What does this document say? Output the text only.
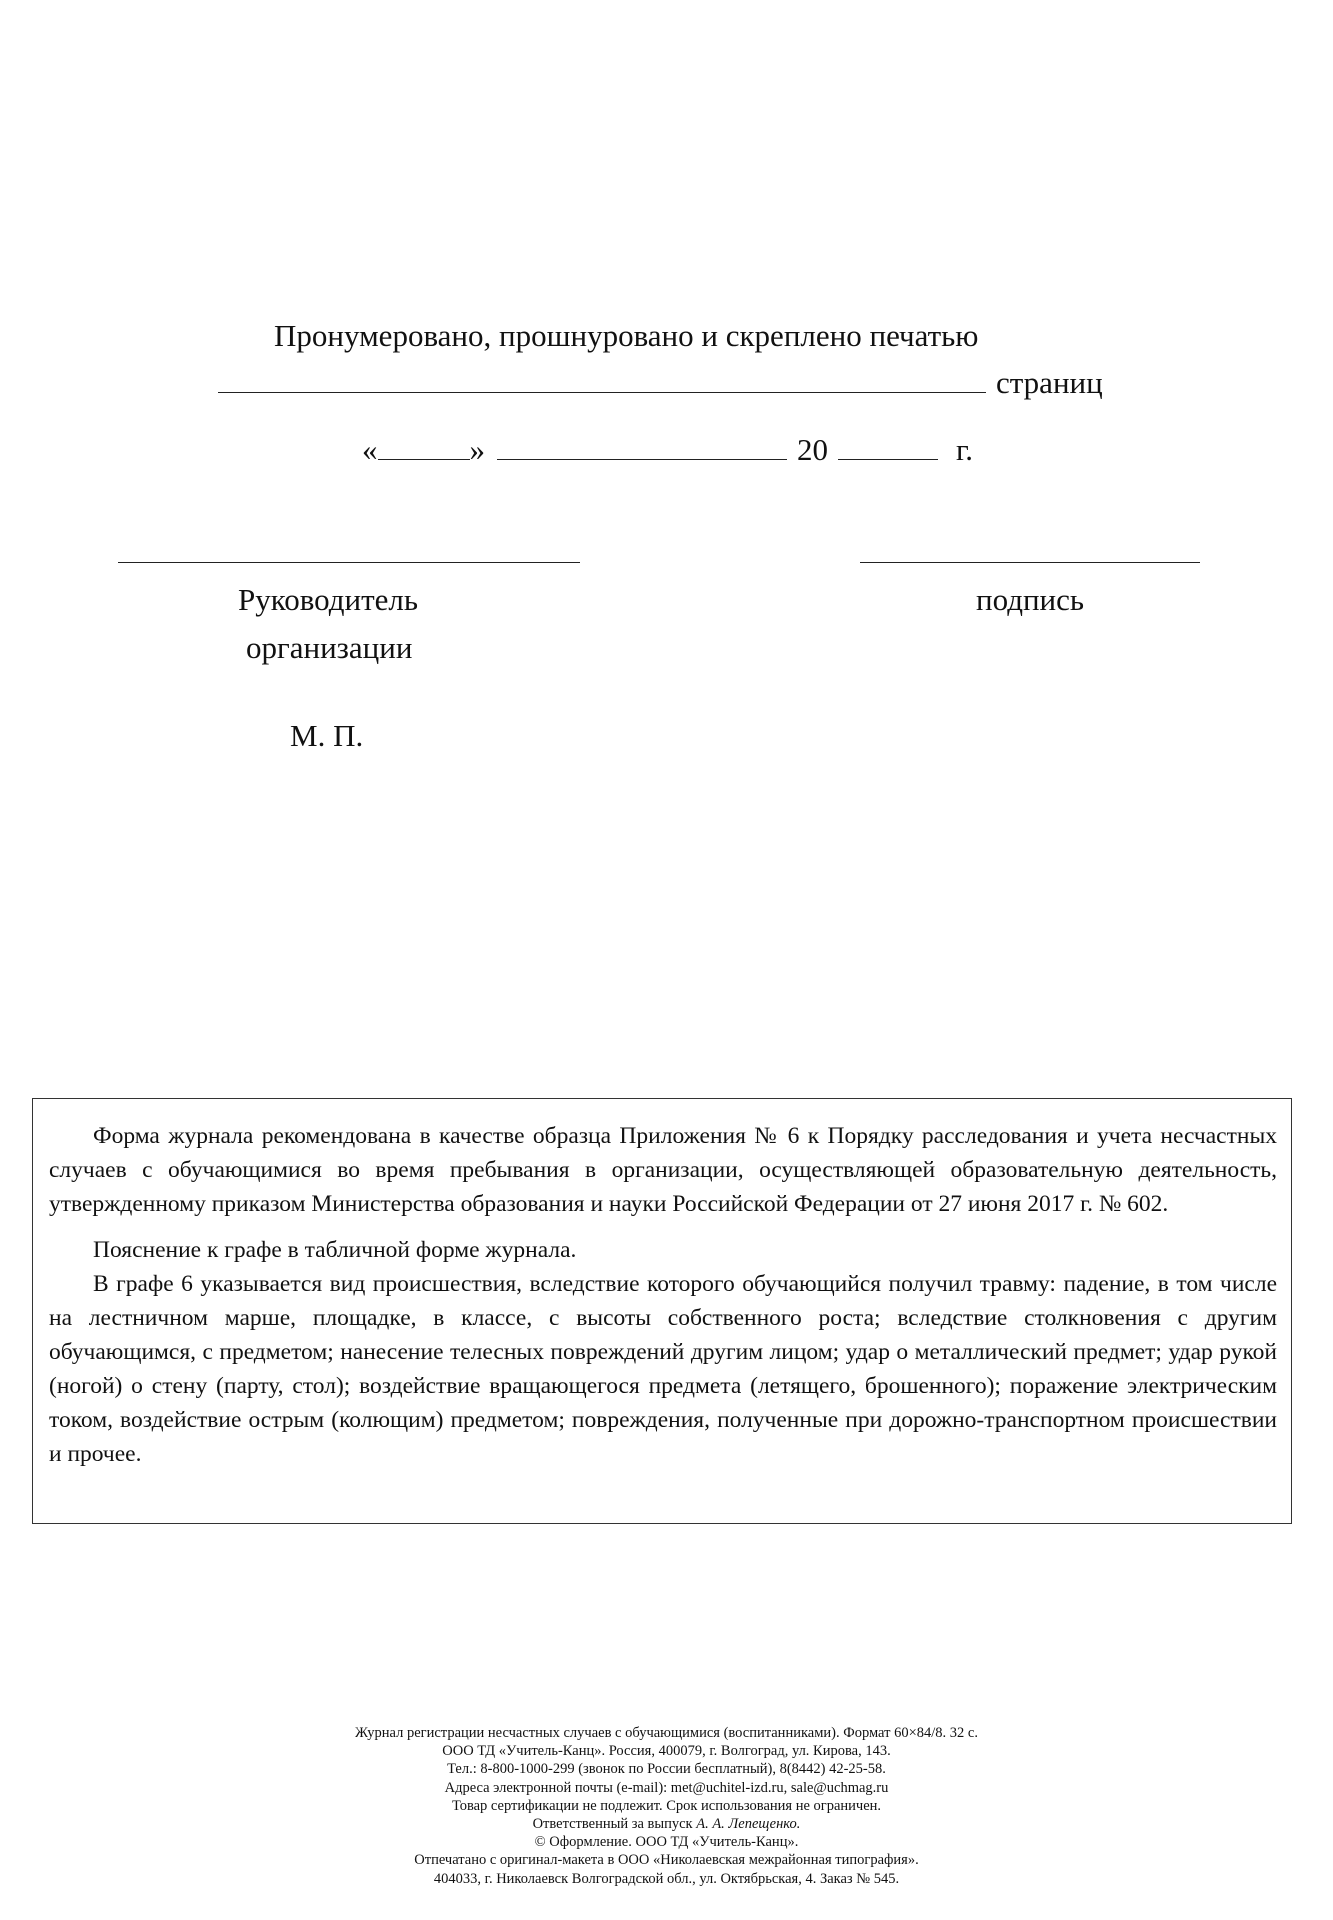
Пронумеровано, прошнуровано и скреплено печатью
страниц
«	»	20	г.
Руководитель
организации
подпись
М. П.

Форма журнала рекомендована в качестве образца Приложения № 6 к Порядку расследования и учета несчастных случаев с обучающимися во время пребывания в организации, осуществляющей образовательную деятельность, утвержденному приказом Министерства образования и науки Российской Федерации от 27 июня 2017 г. № 602.

Пояснение к графе в табличной форме журнала.

В графе 6 указывается вид происшествия, вследствие которого обучающийся получил травму: падение, в том числе на лестничном марше, площадке, в классе, с высоты собственного роста; вследствие столкновения с другим обучающимся, с предметом; нанесение телесных повреждений другим лицом; удар о металлический предмет; удар рукой (ногой) о стену (парту, стол); воздействие вращающегося предмета (летящего, брошенного); поражение электрическим током, воздействие острым (колющим) предметом; повреждения, полученные при дорожно-транспортном происшествии и прочее.

Журнал регистрации несчастных случаев с обучающимися (воспитанниками). Формат 60×84/8. 32 с.
ООО ТД «Учитель-Канц». Россия, 400079, г. Волгоград, ул. Кирова, 143.
Тел.: 8-800-1000-299 (звонок по России бесплатный), 8(8442) 42-25-58.
Адреса электронной почты (e-mail): met@uchitel-izd.ru, sale@uchmag.ru
Товар сертификации не подлежит. Срок использования не ограничен.
Ответственный за выпуск А. А. Лепещенко.
© Оформление. ООО ТД «Учитель-Канц».
Отпечатано с оригинал-макета в ООО «Николаевская межрайонная типография».
404033, г. Николаевск Волгоградской обл., ул. Октябрьская, 4. Заказ № 545.
